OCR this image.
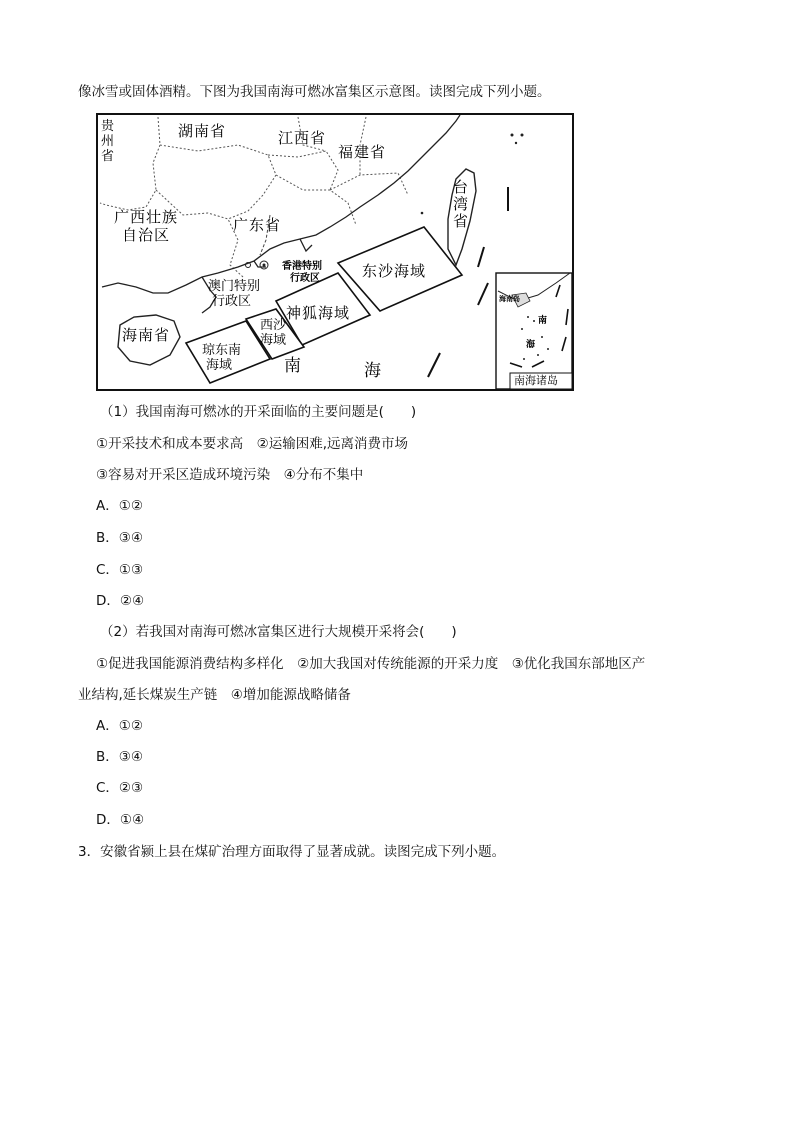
像冰雪或固体酒精。下图为我国南海可燃冰富集区示意图。读图完成下列小题。
贵州省
湖南省	江西省
福建省
广西壮族
自治区
广东省
海南省
台湾省
香港特别
行政区
澳门特别
行政区
东沙海域
神狐海域
西沙
海域
琼东南
海域	南	海
海南岛
南
海
南海诸岛
（1）我国南海可燃冰的开采面临的主要问题是(　　)
①开采技术和成本要求高　②运输困难,远离消费市场
③容易对开采区造成环境污染　④分布不集中
A．①②
B．③④
C．①③
D．②④
（2）若我国对南海可燃冰富集区进行大规模开采将会(　　)
①促进我国能源消费结构多样化　②加大我国对传统能源的开采力度　③优化我国东部地区产
业结构,延长煤炭生产链　④增加能源战略储备
A．①②
B．③④
C．②③
D．①④
3．安徽省颍上县在煤矿治理方面取得了显著成就。读图完成下列小题。
